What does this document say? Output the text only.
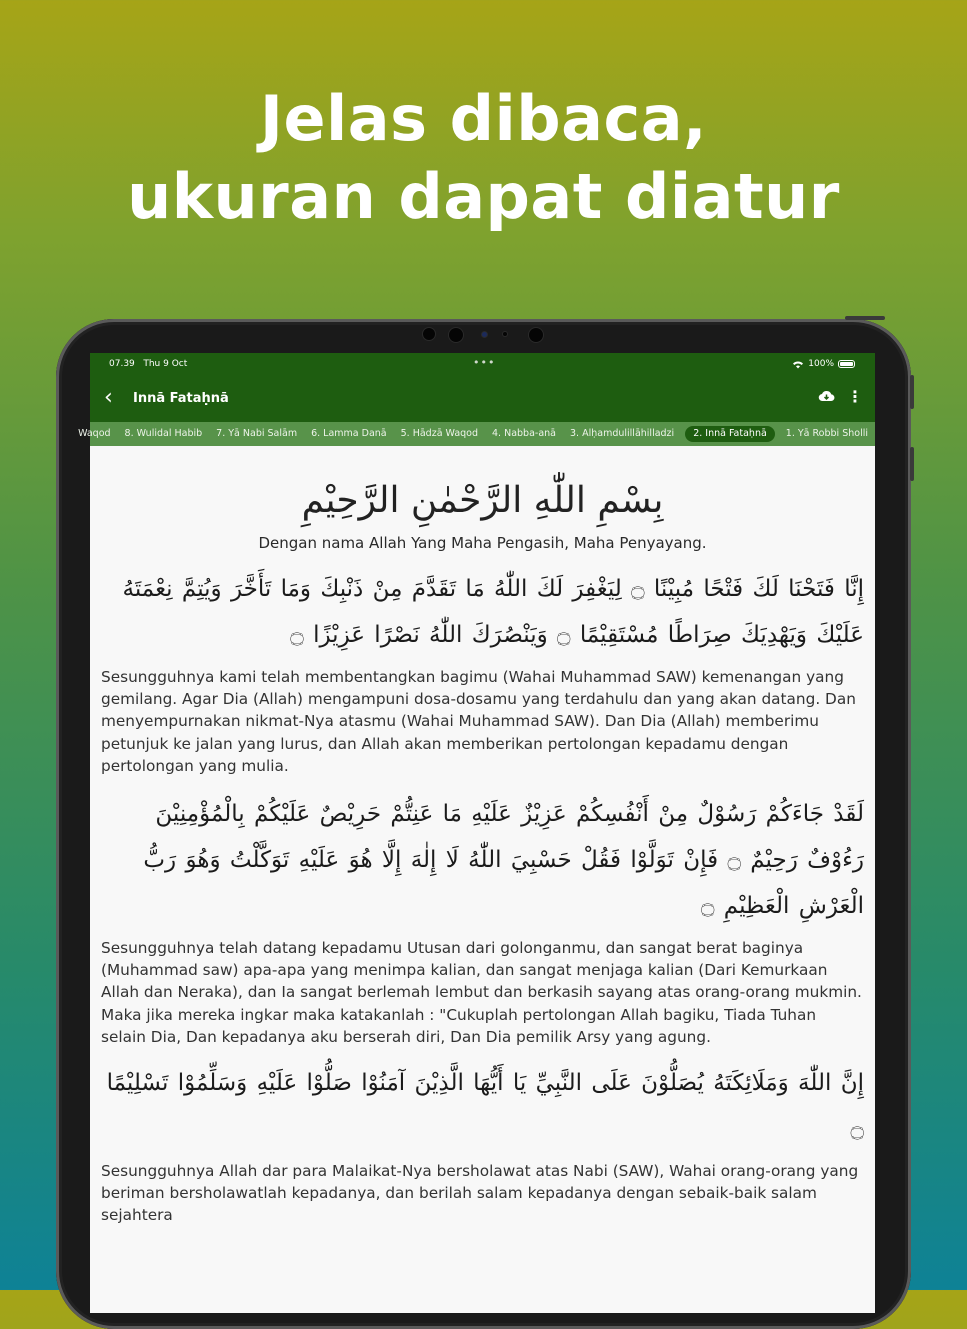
Jelas dibaca,
ukuran dapat diatur
07.39 Thu 9 Oct	•••	100%
‹ Innā Fataḥnā	⋮
1. Yā Robbi Sholli
2. Innā Fataḥnā
3. Alḥamdulillāhilladzi
4. Nabba-anā
5. Hādzā Waqod
6. Lamma Danā
7. Yā Nabi Salām
8. Wulidal Habib
Waqod
بِسْمِ اللّٰهِ الرَّحْمٰنِ الرَّحِيْمِ
Dengan nama Allah Yang Maha Pengasih, Maha Penyayang.
إِنَّا فَتَحْنَا لَكَ فَتْحًا مُبِيْنًا ۝ لِيَغْفِرَ لَكَ اللّٰهُ مَا تَقَدَّمَ مِنْ ذَنْبِكَ وَمَا تَأَخَّرَ وَيُتِمَّ نِعْمَتَهُ عَلَيْكَ وَيَهْدِيَكَ صِرَاطًا مُسْتَقِيْمًا ۝ وَيَنْصُرَكَ اللّٰهُ نَصْرًا عَزِيْزًا ۝
Sesungguhnya kami telah membentangkan bagimu (Wahai Muhammad SAW) kemenangan yang gemilang. Agar Dia (Allah) mengampuni dosa-dosamu yang terdahulu dan yang akan datang. Dan menyempurnakan nikmat-Nya atasmu (Wahai Muhammad SAW). Dan Dia (Allah) memberimu petunjuk ke jalan yang lurus, dan Allah akan memberikan pertolongan kepadamu dengan pertolongan yang mulia.
لَقَدْ جَاءَكُمْ رَسُوْلٌ مِنْ أَنْفُسِكُمْ عَزِيْزٌ عَلَيْهِ مَا عَنِتُّمْ حَرِيْصٌ عَلَيْكُمْ بِالْمُؤْمِنِيْنَ رَءُوْفٌ رَحِيْمٌ ۝ فَإِنْ تَوَلَّوْا فَقُلْ حَسْبِيَ اللّٰهُ لَا إِلٰهَ إِلَّا هُوَ عَلَيْهِ تَوَكَّلْتُ وَهُوَ رَبُّ الْعَرْشِ الْعَظِيْمِ ۝
Sesungguhnya telah datang kepadamu Utusan dari golonganmu, dan sangat berat baginya (Muhammad saw) apa-apa yang menimpa kalian, dan sangat menjaga kalian (Dari Kemurkaan Allah dan Neraka), dan Ia sangat berlemah lembut dan berkasih sayang atas orang-orang mukmin. Maka jika mereka ingkar maka katakanlah : "Cukuplah pertolongan Allah bagiku, Tiada Tuhan selain Dia, Dan kepadanya aku berserah diri, Dan Dia pemilik Arsy yang agung.
إِنَّ اللّٰهَ وَمَلَائِكَتَهُ يُصَلُّوْنَ عَلَى النَّبِيِّ يَا أَيُّهَا الَّذِيْنَ آمَنُوْا صَلُّوْا عَلَيْهِ وَسَلِّمُوْا تَسْلِيْمًا ۝
Sesungguhnya Allah dar para Malaikat-Nya bersholawat atas Nabi (SAW), Wahai orang-orang yang beriman bersholawatlah kepadanya, dan berilah salam kepadanya dengan sebaik-baik salam sejahtera
